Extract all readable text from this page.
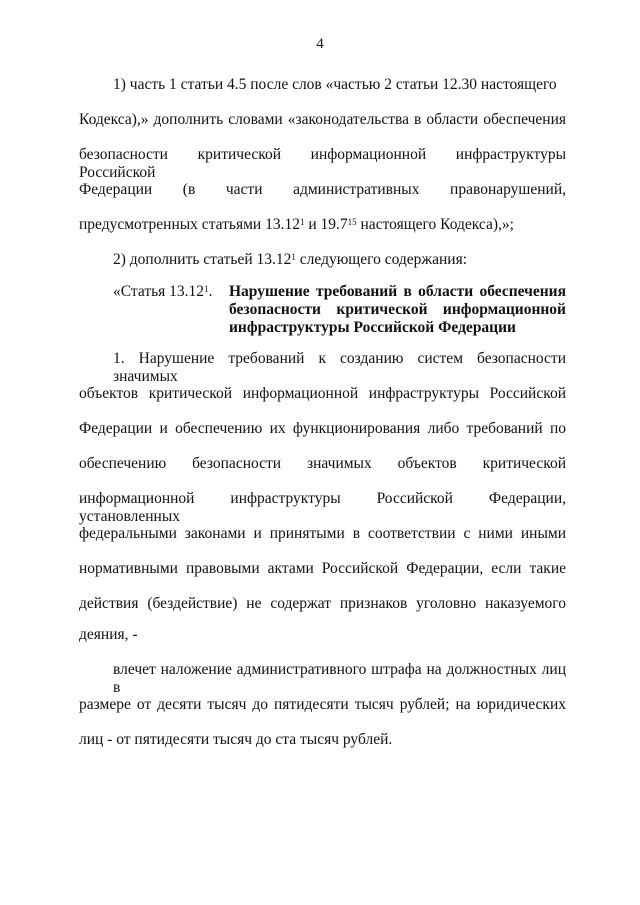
4
1) часть 1 статьи 4.5 после слов «частью 2 статьи 12.30 настоящего
Кодекса),» дополнить словами «законодательства в области обеспечения
безопасности критической информационной инфраструктуры Российской
Федерации (в части административных правонарушений,
предусмотренных статьями 13.12$^1$ и 19.7$^{15}$ настоящего Кодекса),»;
2) дополнить статьей 13.12$^1$ следующего содержания:
«Статья 13.12$^1$. Нарушение требований в области обеспечения
безопасности критической информационной
инфраструктуры Российской Федерации
1. Нарушение требований к созданию систем безопасности значимых
объектов критической информационной инфраструктуры Российской
Федерации и обеспечению их функционирования либо требований по
обеспечению безопасности значимых объектов критической
информационной инфраструктуры Российской Федерации, установленных
федеральными законами и принятыми в соответствии с ними иными
нормативными правовыми актами Российской Федерации, если такие
действия (бездействие) не содержат признаков уголовно наказуемого
деяния, -
влечет наложение административного штрафа на должностных лиц в
размере от десяти тысяч до пятидесяти тысяч рублей; на юридических
лиц - от пятидесяти тысяч до ста тысяч рублей.
